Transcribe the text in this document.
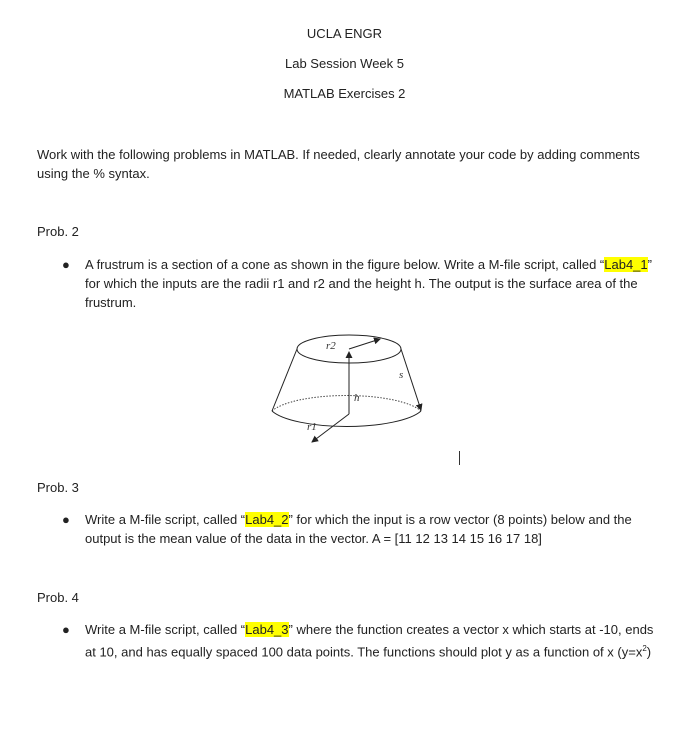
UCLA ENGR
Lab Session Week 5
MATLAB Exercises 2
Work with the following problems in MATLAB. If needed, clearly annotate your code by adding comments using the % syntax.
Prob. 2
● A frustrum is a section of a cone as shown in the figure below. Write a M-file script, called “Lab4_1” for which the inputs are the radii r1 and r2 and the height h. The output is the surface area of the frustrum.
r2
h
r1
s
Prob. 3
● Write a M-file script, called “Lab4_2” for which the input is a row vector (8 points) below and the output is the mean value of the data in the vector. A = [11 12 13 14 15 16 17 18]
Prob. 4
● Write a M-file script, called “Lab4_3” where the function creates a vector x which starts at -10, ends at 10, and has equally spaced 100 data points. The functions should plot y as a function of x $(y=x^2)$
